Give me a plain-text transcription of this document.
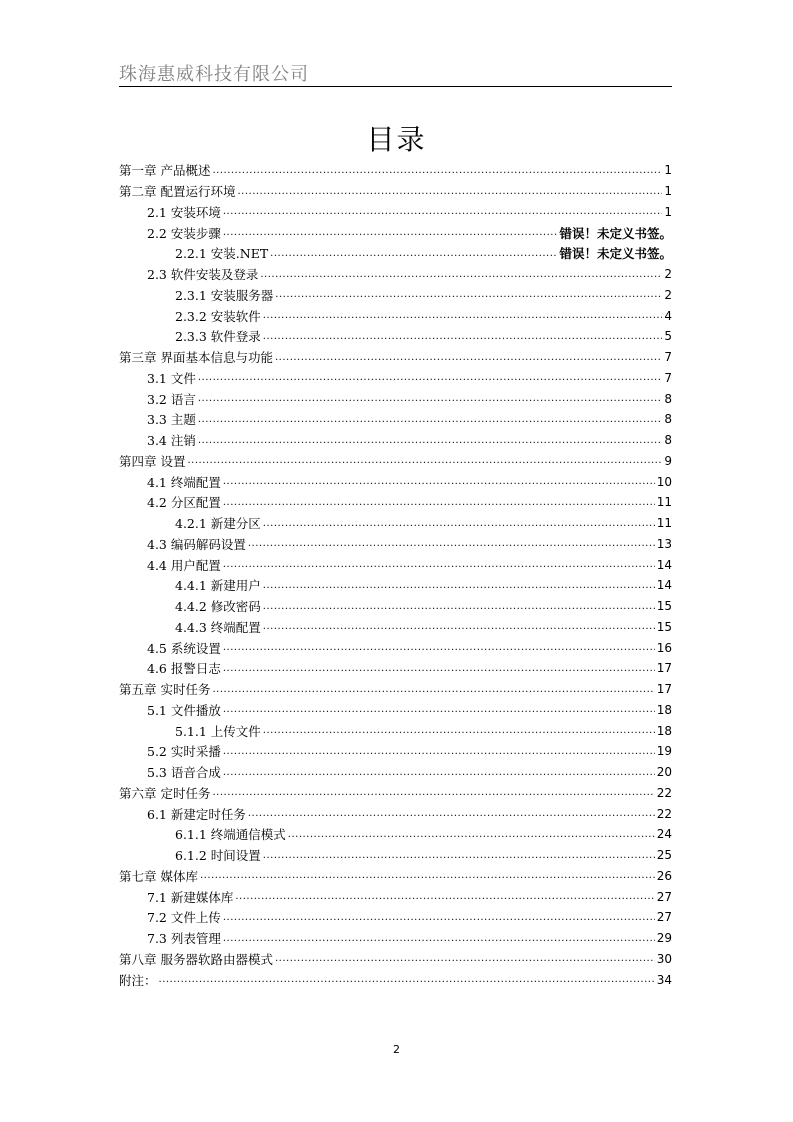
珠海惠威科技有限公司
目录
第一章 产品概述 .....	1
第二章 配置运行环境 .....	1
2.1 安装环境 .....	1
2.2 安装步骤 .....	错误！未定义书签。
2.2.1 安装.NET .....	错误！未定义书签。
2.3 软件安装及登录 .....	2
2.3.1 安装服务器 .....	2
2.3.2 安装软件 .....	4
2.3.3 软件登录 .....	5
第三章 界面基本信息与功能 .....	7
3.1 文件 .....	7
3.2 语言 .....	8
3.3 主题 .....	8
3.4 注销 .....	8
第四章 设置 .....	9
4.1 终端配置 .....	10
4.2 分区配置 .....	11
4.2.1 新建分区 .....	11
4.3 编码解码设置 .....	13
4.4 用户配置 .....	14
4.4.1 新建用户 .....	14
4.4.2 修改密码 .....	15
4.4.3 终端配置 .....	15
4.5 系统设置 .....	16
4.6 报警日志 .....	17
第五章 实时任务 .....	17
5.1 文件播放 .....	18
5.1.1 上传文件 .....	18
5.2 实时采播 .....	19
5.3 语音合成 .....	20
第六章 定时任务 .....	22
6.1 新建定时任务 .....	22
6.1.1 终端通信模式 .....	24
6.1.2 时间设置 .....	25
第七章 媒体库 .....	26
7.1 新建媒体库 .....	27
7.2 文件上传 .....	27
7.3 列表管理 .....	29
第八章 服务器软路由器模式 .....	30
附注： .....	34
2
